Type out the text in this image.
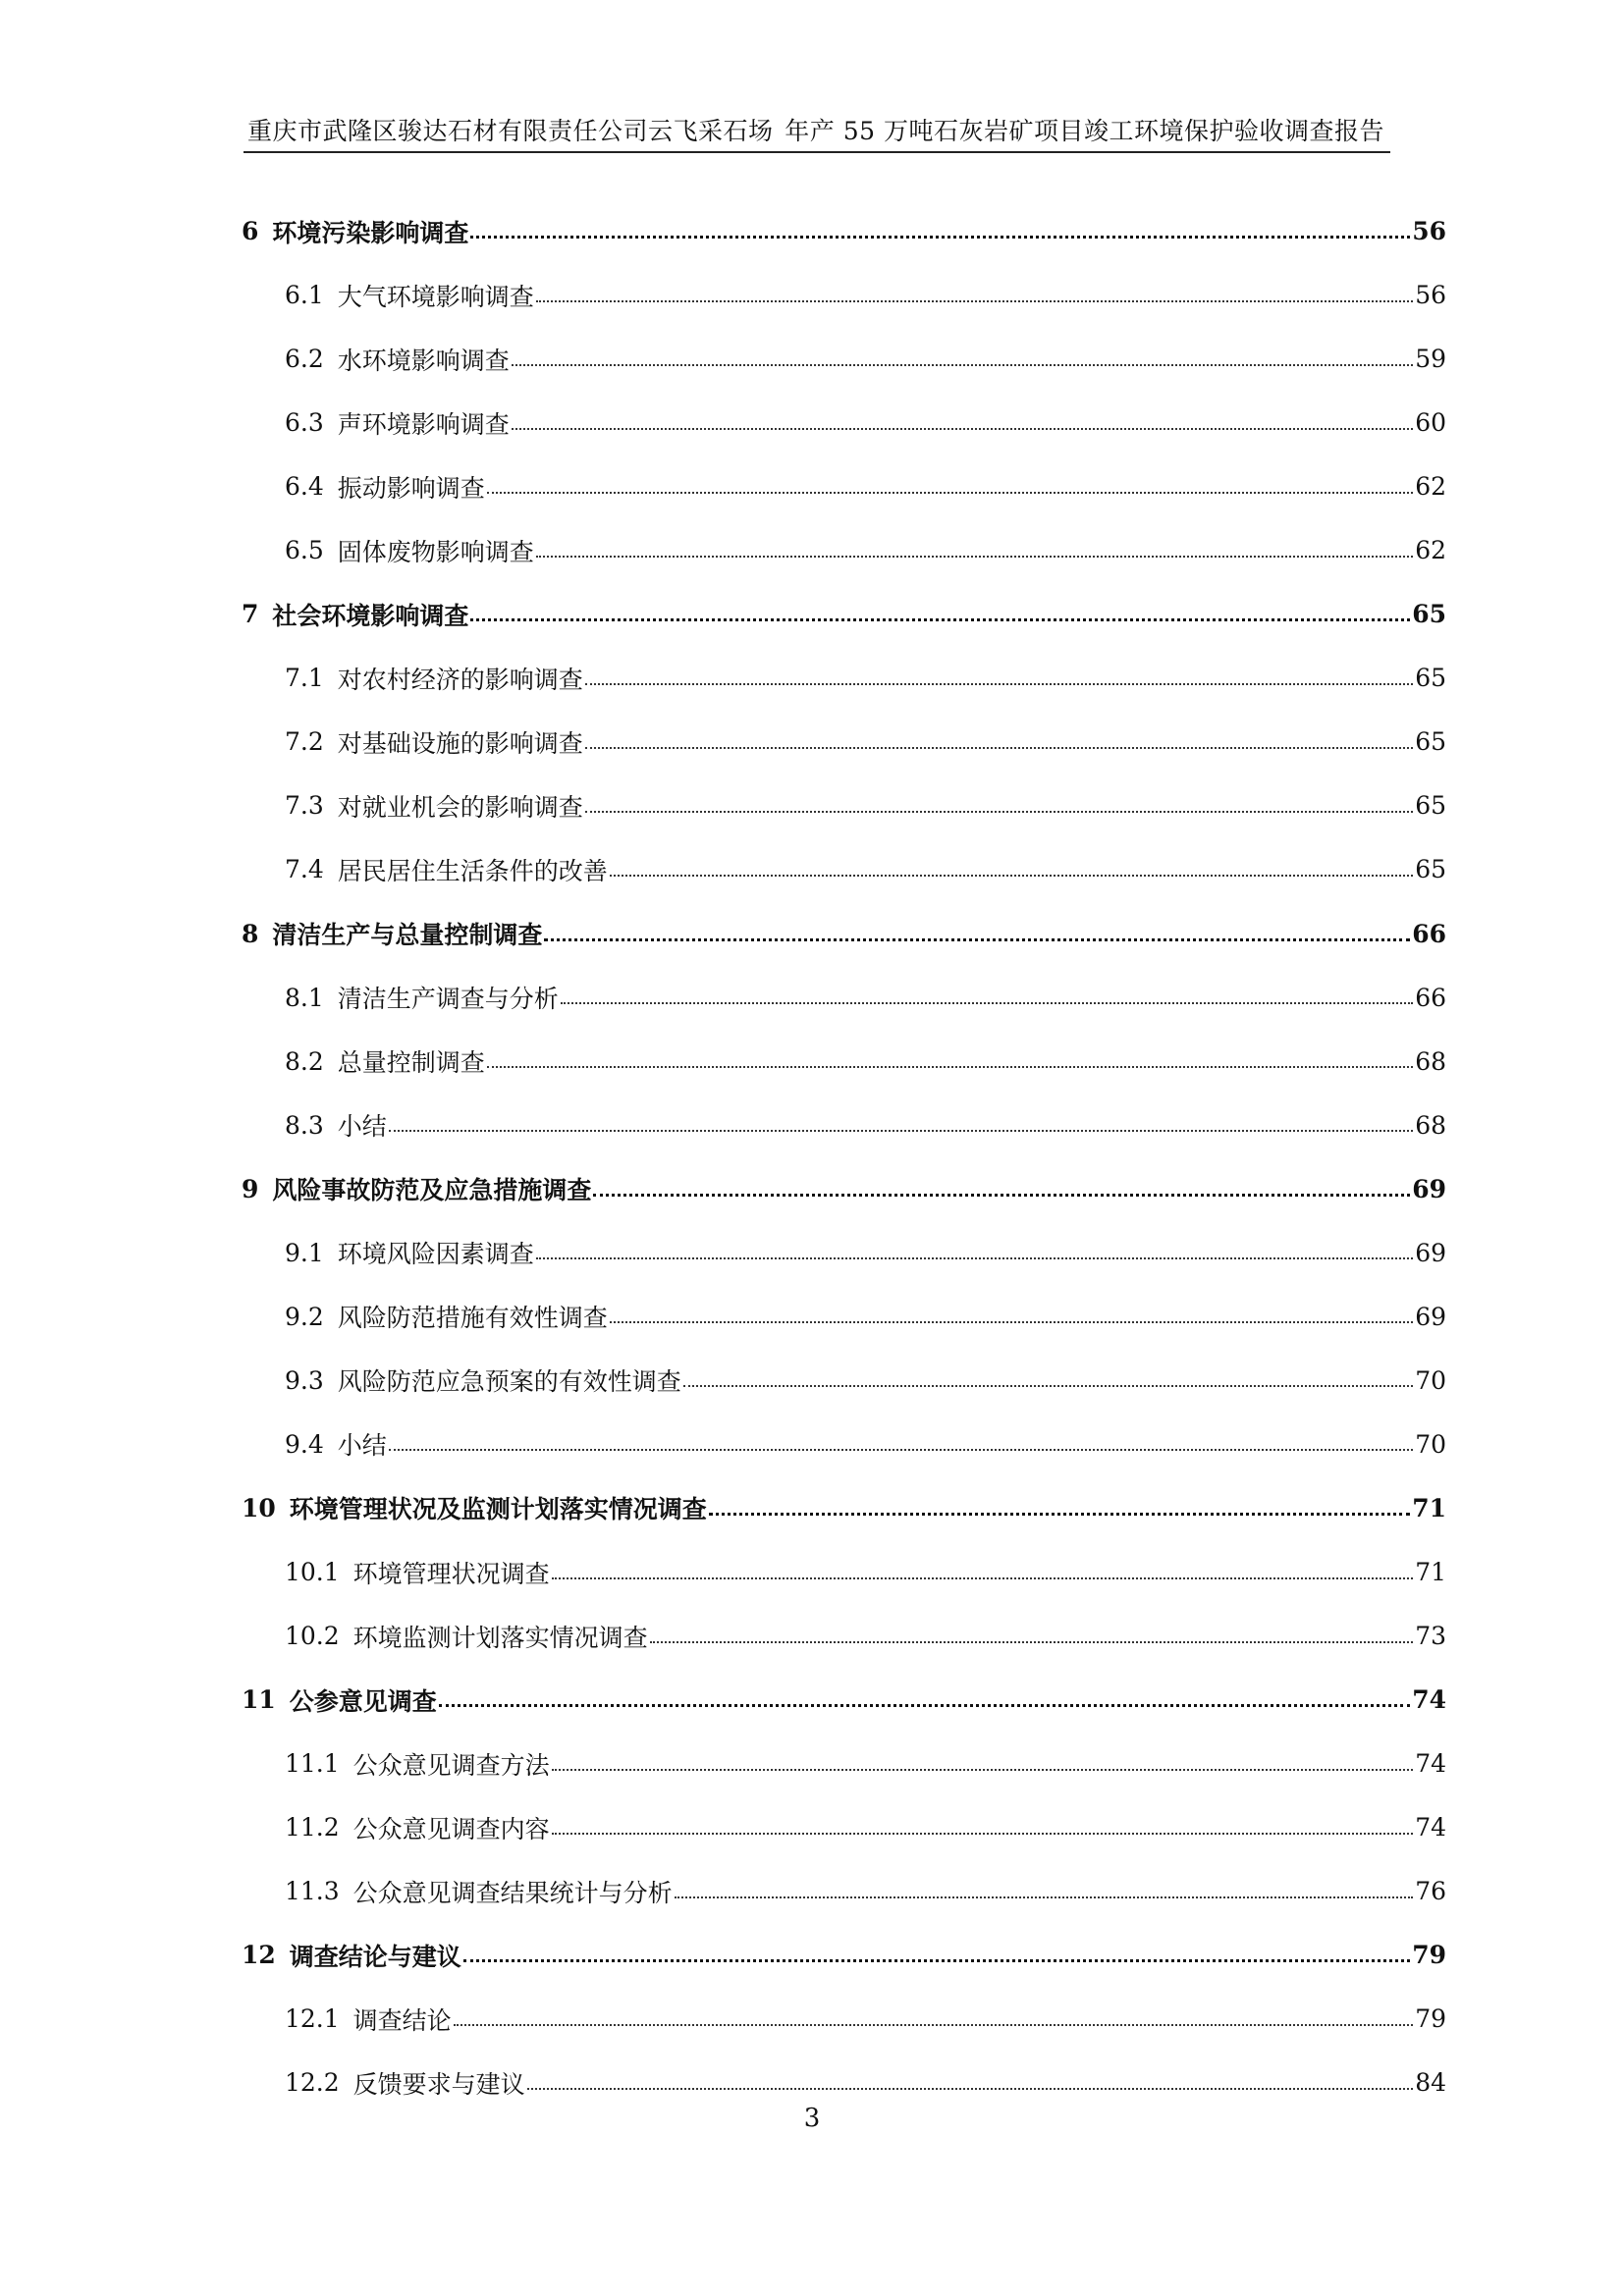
重庆市武隆区骏达石材有限责任公司云飞采石场 年产 55 万吨石灰岩矿项目竣工环境保护验收调查报告
6 环境污染影响调查	56
6.1 大气环境影响调查	56
6.2 水环境影响调查	59
6.3 声环境影响调查	60
6.4 振动影响调查	62
6.5 固体废物影响调查	62
7 社会环境影响调查	65
7.1 对农村经济的影响调查	65
7.2 对基础设施的影响调查	65
7.3 对就业机会的影响调查	65
7.4 居民居住生活条件的改善	65
8 清洁生产与总量控制调查	66
8.1 清洁生产调查与分析	66
8.2 总量控制调查	68
8.3 小结	68
9 风险事故防范及应急措施调查	69
9.1 环境风险因素调查	69
9.2 风险防范措施有效性调查	69
9.3 风险防范应急预案的有效性调查	70
9.4 小结	70
10 环境管理状况及监测计划落实情况调查	71
10.1 环境管理状况调查	71
10.2 环境监测计划落实情况调查	73
11 公参意见调查	74
11.1 公众意见调查方法	74
11.2 公众意见调查内容	74
11.3 公众意见调查结果统计与分析	76
12 调查结论与建议	79
12.1 调查结论	79
12.2 反馈要求与建议	84
3
